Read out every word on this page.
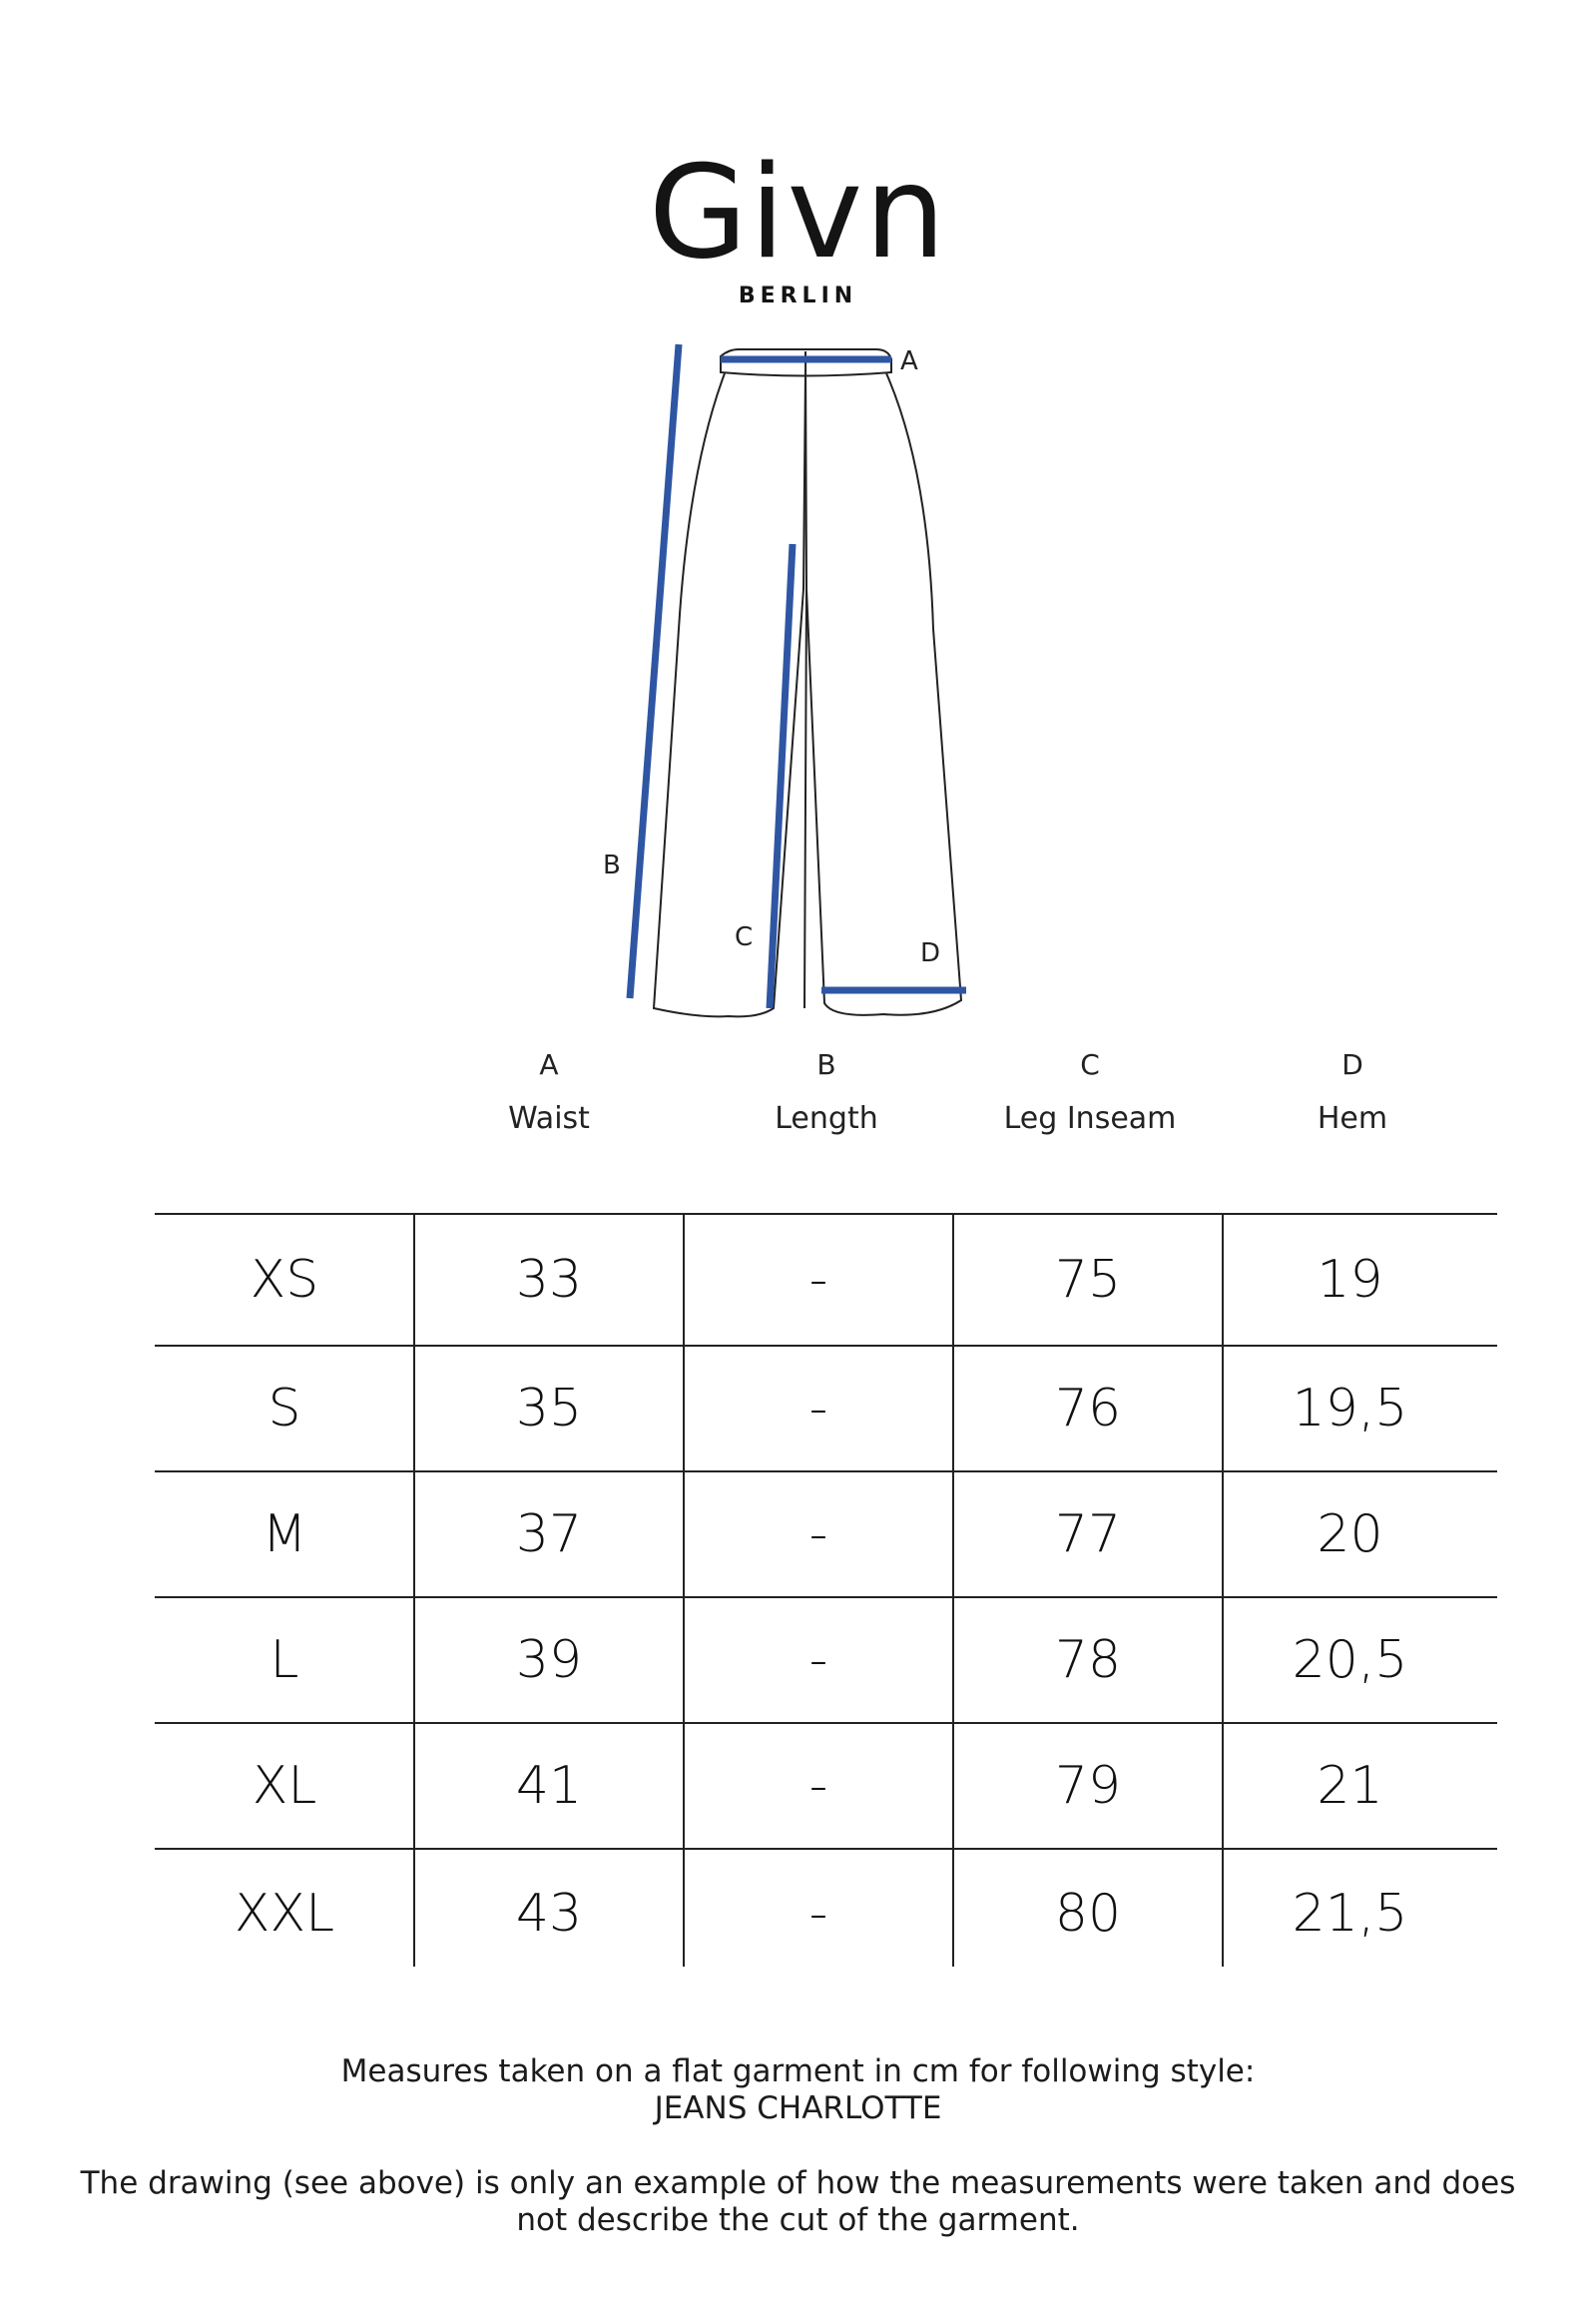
Givn
BERLIN
A
B
C
D
A
Waist
B
Length
C
Leg Inseam
D
Hem
XS	33	-	75	19
S	35	-	76	19,5
M	37	-	77	20
L	39	-	78	20,5
XL	41	-	79	21
XXL	43	-	80	21,5
Measures taken on a flat garment in cm for following style:
JEANS CHARLOTTE
The drawing (see above) is only an example of how the measurements were taken and does
not describe the cut of the garment.
